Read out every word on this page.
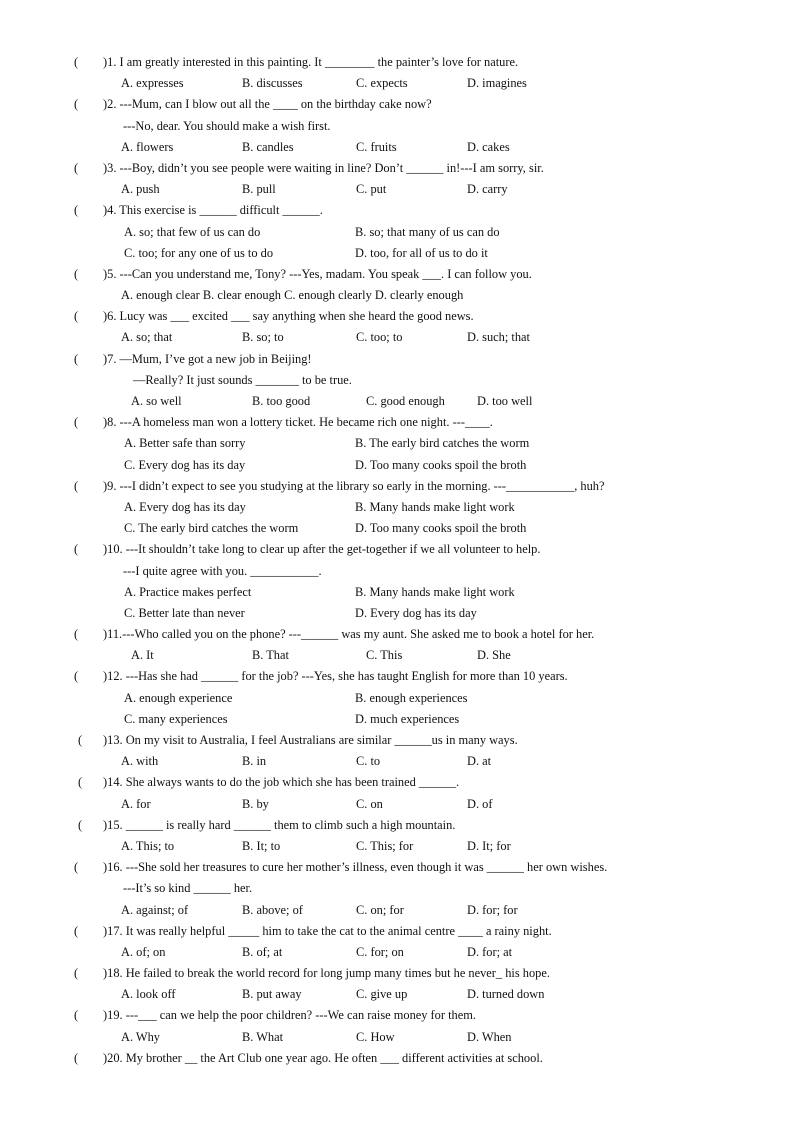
( )1. I am greatly interested in this painting. It ________ the painter’s love for nature.
A. expresses	B. discusses	C. expects	D. imagines
( )2. ---Mum, can I blow out all the ____ on the birthday cake now?
---No, dear. You should make a wish first.
A. flowers	B. candles	C. fruits	D. cakes
( )3. ---Boy, didn’t you see people were waiting in line? Don’t ______ in!---I am sorry, sir.
A. push	B. pull	C. put	D. carry
( )4. This exercise is ______ difficult ______.
A. so; that few of us can do	B. so; that many of us can do
C. too; for any one of us to do	D. too, for all of us to do it
( )5. ---Can you understand me, Tony? ---Yes, madam. You speak ___. I can follow you.
A. enough clear B. clear enough C. enough clearly D. clearly enough
( )6. Lucy was ___ excited ___ say anything when she heard the good news.
A. so; that	B. so; to	C. too; to	D. such; that
( )7. —Mum, I’ve got a new job in Beijing!
—Really? It just sounds _______ to be true.
A. so well	B. too good	C. good enough	D. too well
( )8. ---A homeless man won a lottery ticket. He became rich one night. ---____.
A. Better safe than sorry	B. The early bird catches the worm
C. Every dog has its day	D. Too many cooks spoil the broth
( )9. ---I didn’t expect to see you studying at the library so early in the morning. ---___________, huh?
A. Every dog has its day	B. Many hands make light work
C. The early bird catches the worm	D. Too many cooks spoil the broth
( )10. ---It shouldn’t take long to clear up after the get-together if we all volunteer to help.
---I quite agree with you. ___________.
A. Practice makes perfect	B. Many hands make light work
C. Better late than never	D. Every dog has its day
( )11.---Who called you on the phone? ---______ was my aunt. She asked me to book a hotel for her.
A. It	B. That	C. This	D. She
( )12. ---Has she had ______ for the job? ---Yes, she has taught English for more than 10 years.
A. enough experience	B. enough experiences
C. many experiences	D. much experiences
( )13. On my visit to Australia, I feel Australians are similar ______us in many ways.
A. with	B. in	C. to	D. at
( )14. She always wants to do the job which she has been trained ______.
A. for	B. by	C. on	D. of
( )15. ______ is really hard ______ them to climb such a high mountain.
A. This; to	B. It; to	C. This; for	D. It; for
( )16. ---She sold her treasures to cure her mother’s illness, even though it was ______ her own wishes.
---It’s so kind ______ her.
A. against; of	B. above; of	C. on; for	D. for; for
( )17. It was really helpful _____ him to take the cat to the animal centre ____ a rainy night.
A. of; on	B. of; at	C. for; on	D. for; at
( )18. He failed to break the world record for long jump many times but he never_ his hope.
A. look off	B. put away	C. give up	D. turned down
( )19. ---___ can we help the poor children? ---We can raise money for them.
A. Why	B. What	C. How	D. When
( )20. My brother __ the Art Club one year ago. He often ___ different activities at school.
